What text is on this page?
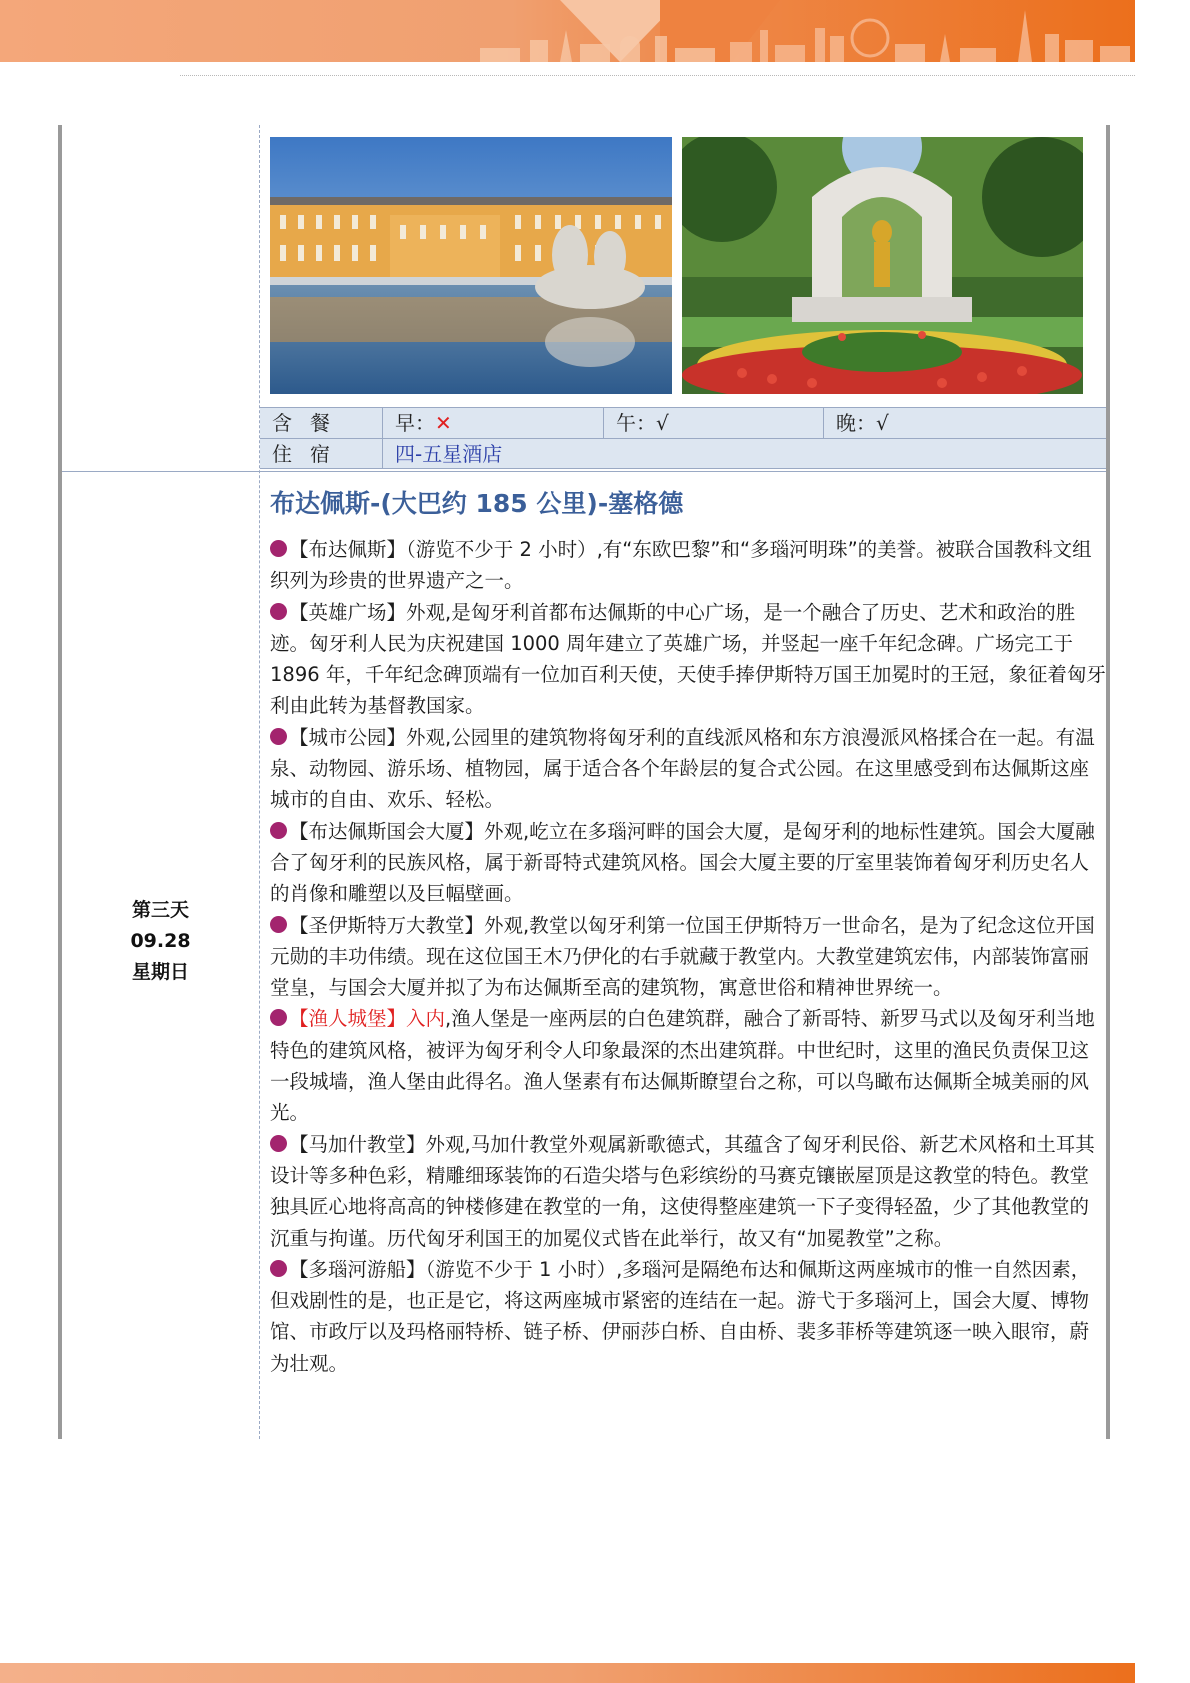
含餐	早：✕	午：√	晚：√
住宿	四-五星酒店
第三天
09.28
星期日
布达佩斯-(大巴约 185 公里)-塞格德

【布达佩斯】（游览不少于 2 小时）,有“东欧巴黎”和“多瑙河明珠”的美誉。被联合国教科文组织列为珍贵的世界遗产之一。

【英雄广场】外观,是匈牙利首都布达佩斯的中心广场，是一个融合了历史、艺术和政治的胜迹。匈牙利人民为庆祝建国 1000 周年建立了英雄广场，并竖起一座千年纪念碑。广场完工于 1896 年，千年纪念碑顶端有一位加百利天使，天使手捧伊斯特万国王加冕时的王冠，象征着匈牙利由此转为基督教国家。

【城市公园】外观,公园里的建筑物将匈牙利的直线派风格和东方浪漫派风格揉合在一起。有温泉、动物园、游乐场、植物园，属于适合各个年龄层的复合式公园。在这里感受到布达佩斯这座城市的自由、欢乐、轻松。

【布达佩斯国会大厦】外观,屹立在多瑙河畔的国会大厦，是匈牙利的地标性建筑。国会大厦融合了匈牙利的民族风格，属于新哥特式建筑风格。国会大厦主要的厅室里装饰着匈牙利历史名人的肖像和雕塑以及巨幅壁画。

【圣伊斯特万大教堂】外观,教堂以匈牙利第一位国王伊斯特万一世命名，是为了纪念这位开国元勋的丰功伟绩。现在这位国王木乃伊化的右手就藏于教堂内。大教堂建筑宏伟，内部装饰富丽堂皇，与国会大厦并拟了为布达佩斯至高的建筑物，寓意世俗和精神世界统一。

【渔人城堡】入内,渔人堡是一座两层的白色建筑群，融合了新哥特、新罗马式以及匈牙利当地特色的建筑风格，被评为匈牙利令人印象最深的杰出建筑群。中世纪时，这里的渔民负责保卫这一段城墙，渔人堡由此得名。渔人堡素有布达佩斯瞭望台之称，可以鸟瞰布达佩斯全城美丽的风光。

【马加什教堂】外观,马加什教堂外观属新歌德式，其蕴含了匈牙利民俗、新艺术风格和土耳其设计等多种色彩，精雕细琢装饰的石造尖塔与色彩缤纷的马赛克镶嵌屋顶是这教堂的特色。教堂独具匠心地将高高的钟楼修建在教堂的一角，这使得整座建筑一下子变得轻盈，少了其他教堂的沉重与拘谨。历代匈牙利国王的加冕仪式皆在此举行，故又有“加冕教堂”之称。

【多瑙河游船】（游览不少于 1 小时）,多瑙河是隔绝布达和佩斯这两座城市的惟一自然因素，但戏剧性的是，也正是它，将这两座城市紧密的连结在一起。游弋于多瑙河上，国会大厦、博物馆、市政厅以及玛格丽特桥、链子桥、伊丽莎白桥、自由桥、裴多菲桥等建筑逐一映入眼帘，蔚为壮观。
